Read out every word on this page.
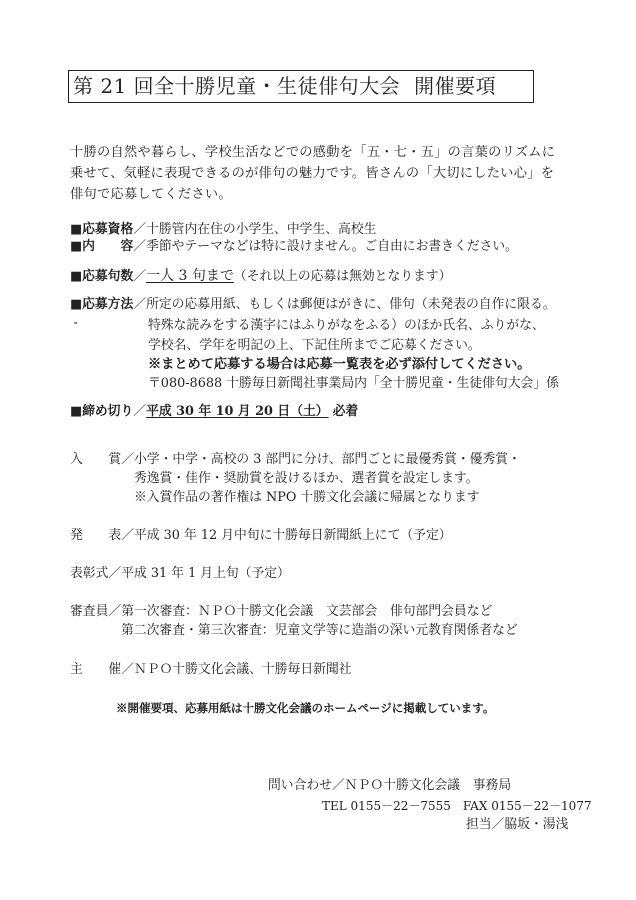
第 21 回全十勝児童・生徒俳句大会 開催要項
十勝の自然や暮らし、学校生活などでの感動を「五・七・五」の言葉のリズムに
乗せて、気軽に表現できるのが俳句の魅力です。皆さんの「大切にしたい心」を
俳句で応募してください。
■応募資格／十勝管内在住の小学生、中学生、高校生
■内　　容／季節やテーマなどは特に設けません。ご自由にお書きください。
■応募句数／一人 3 句まで（それ以上の応募は無効となります）
■応募方法／所定の応募用紙、もしくは郵便はがきに、俳句（未発表の自作に限る。
特殊な読みをする漢字にはふりがなをふる）のほか氏名、ふりがな、
学校名、学年を明記の上、下記住所までご応募ください。
※まとめて応募する場合は応募一覧表を必ず添付してください。
〒080‐8688 十勝毎日新聞社事業局内「全十勝児童・生徒俳句大会」係
■締め切り／平成 30 年 10 月 20 日（土） 必着
入　　賞／小学・中学・高校の 3 部門に分け、部門ごとに最優秀賞・優秀賞・
秀逸賞・佳作・奨励賞を設けるほか、選者賞を設定します。
※入賞作品の著作権は NPO 十勝文化会議に帰属となります
発　　表／平成 30 年 12 月中旬に十勝毎日新聞紙上にて（予定）
表彰式／平成 31 年 1 月上旬（予定）
審査員／第一次審査：ＮＰＯ十勝文化会議　文芸部会　俳句部門会員など
第二次審査・第三次審査：児童文学等に造詣の深い元教育関係者など
主　　催／ＮＰＯ十勝文化会議、十勝毎日新聞社
※開催要項、応募用紙は十勝文化会議のホームページに掲載しています。
問い合わせ／ＮＰＯ十勝文化会議　事務局
TEL 0155－22－7555　FAX 0155－22－1077
担当／脇坂・湯浅
